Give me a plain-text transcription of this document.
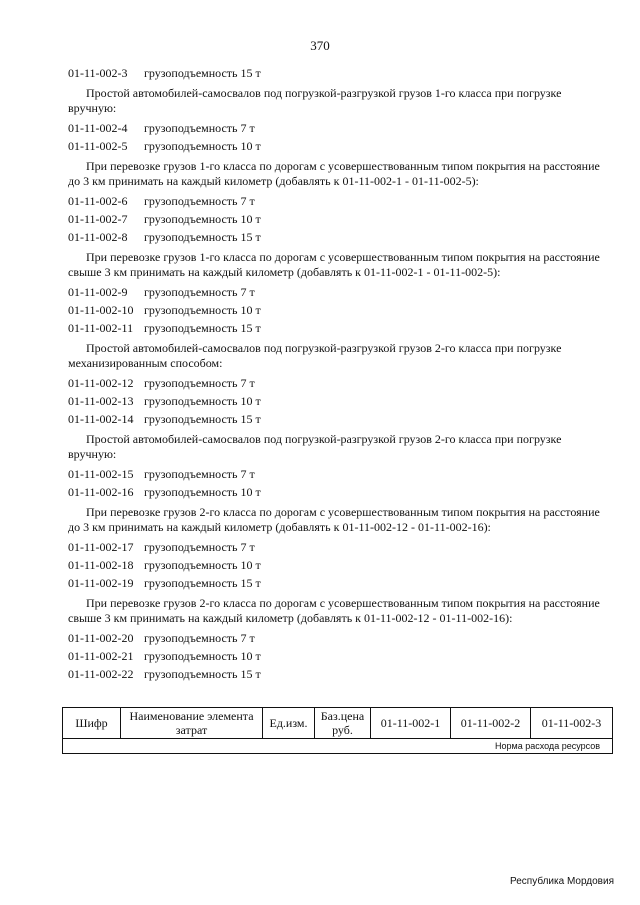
370
01-11-002-3	грузоподъемность 15 т
Простой автомобилей-самосвалов под погрузкой-разгрузкой грузов 1-го класса при погрузке вручную:
01-11-002-4	грузоподъемность 7 т
01-11-002-5	грузоподъемность 10 т
При перевозке грузов 1-го класса по дорогам с усовершествованным типом покрытия на расстояние до 3 км принимать на каждый километр (добавлять к 01-11-002-1 - 01-11-002-5):
01-11-002-6	грузоподъемность 7 т
01-11-002-7	грузоподъемность 10 т
01-11-002-8	грузоподъемность 15 т
При перевозке грузов 1-го класса по дорогам с усовершествованным типом покрытия на расстояние свыше 3 км принимать на каждый километр (добавлять к 01-11-002-1 - 01-11-002-5):
01-11-002-9	грузоподъемность 7 т
01-11-002-10 грузоподъемность 10 т
01-11-002-11 грузоподъемность 15 т
Простой автомобилей-самосвалов под погрузкой-разгрузкой грузов 2-го класса при погрузке механизированным способом:
01-11-002-12 грузоподъемность 7 т
01-11-002-13 грузоподъемность 10 т
01-11-002-14 грузоподъемность 15 т
Простой автомобилей-самосвалов под погрузкой-разгрузкой грузов 2-го класса при погрузке вручную:
01-11-002-15 грузоподъемность 7 т
01-11-002-16 грузоподъемность 10 т
При перевозке грузов 2-го класса по дорогам с усовершествованным типом покрытия на расстояние до 3 км принимать на каждый километр (добавлять к 01-11-002-12 - 01-11-002-16):
01-11-002-17 грузоподъемность 7 т
01-11-002-18 грузоподъемность 10 т
01-11-002-19 грузоподъемность 15 т
При перевозке грузов 2-го класса по дорогам с усовершествованным типом покрытия на расстояние свыше 3 км принимать на каждый километр (добавлять к 01-11-002-12 - 01-11-002-16):
01-11-002-20 грузоподъемность 7 т
01-11-002-21 грузоподъемность 10 т
01-11-002-22 грузоподъемность 15 т
Шифр	Наименование элемента затрат	Ед.изм.	Баз.цена руб.	01-11-002-1	01-11-002-2	01-11-002-3
Норма расхода ресурсов
Республика Мордовия
